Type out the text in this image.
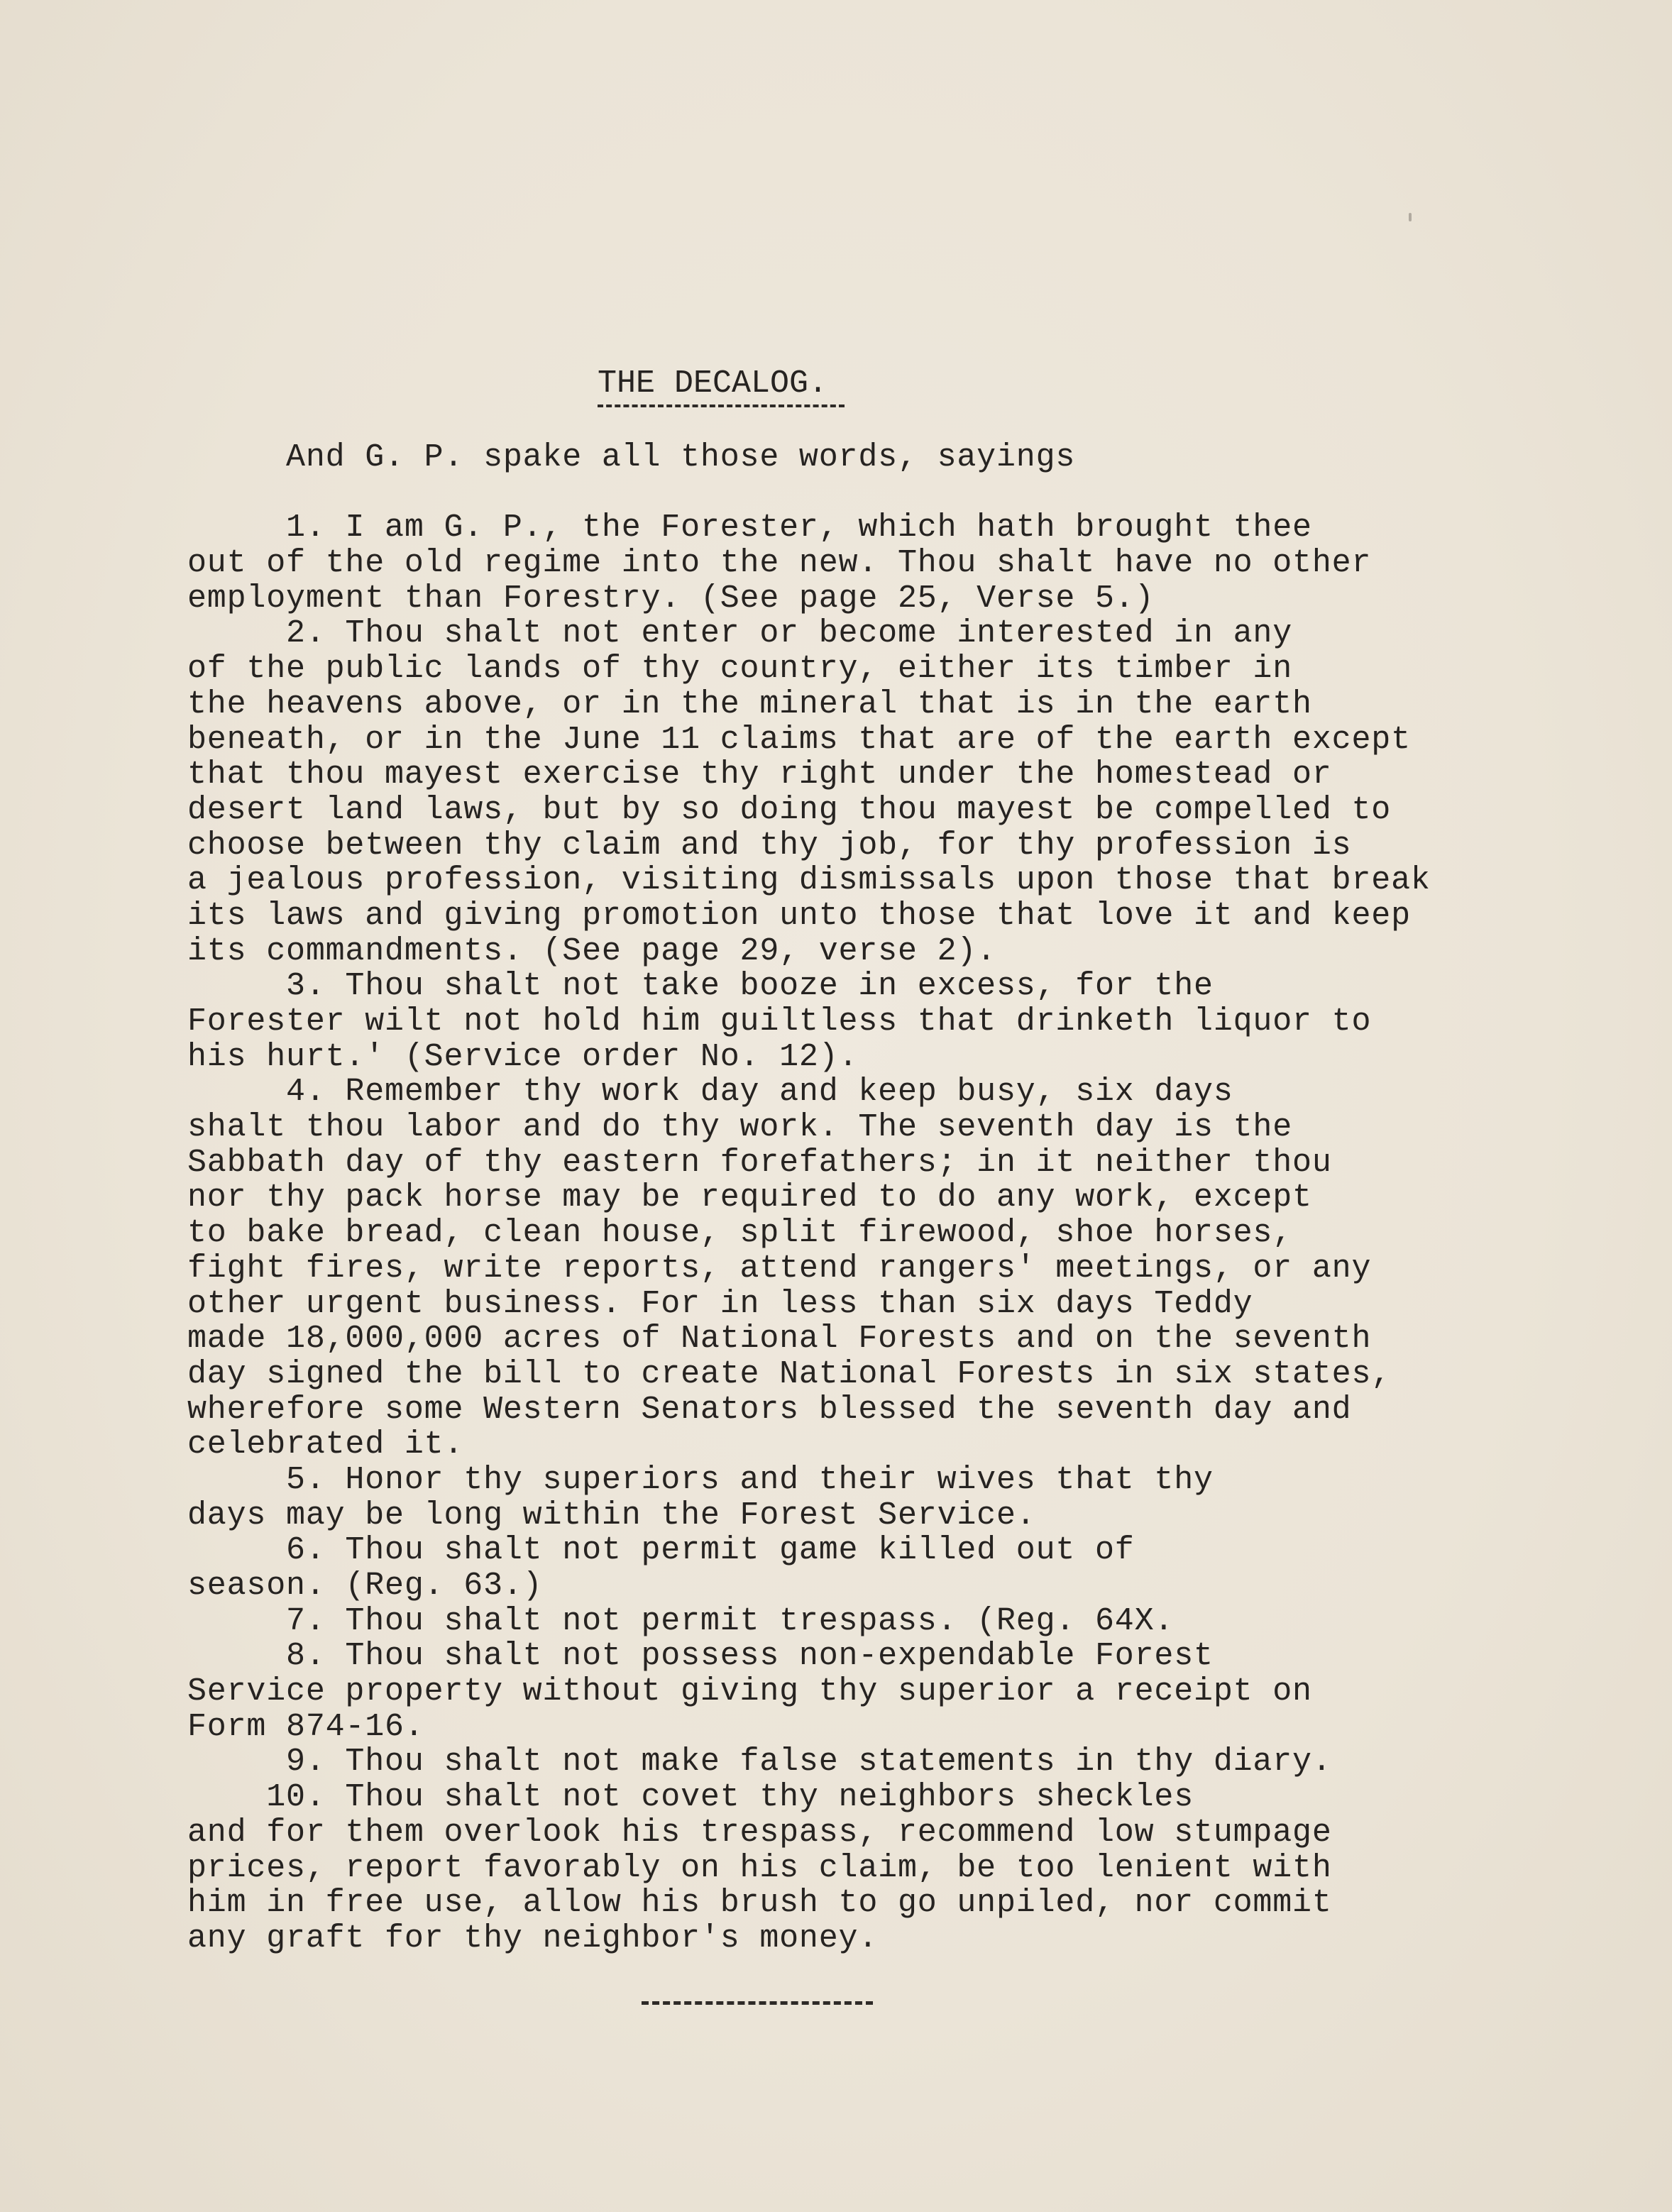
THE DECALOG.
And G. P. spake all those words, sayings
1. I am G. P., the Forester, which hath brought thee
out of the old regime into the new. Thou shalt have no other
employment than Forestry. (See page 25, Verse 5.)
2. Thou shalt not enter or become interested in any
of the public lands of thy country, either its timber in
the heavens above, or in the mineral that is in the earth
beneath, or in the June 11 claims that are of the earth except
that thou mayest exercise thy right under the homestead or
desert land laws, but by so doing thou mayest be compelled to
choose between thy claim and thy job, for thy profession is
a jealous profession, visiting dismissals upon those that break
its laws and giving promotion unto those that love it and keep
its commandments. (See page 29, verse 2).
3. Thou shalt not take booze in excess, for the
Forester wilt not hold him guiltless that drinketh liquor to
his hurt.' (Service order No. 12).
4. Remember thy work day and keep busy, six days
shalt thou labor and do thy work. The seventh day is the
Sabbath day of thy eastern forefathers; in it neither thou
nor thy pack horse may be required to do any work, except
to bake bread, clean house, split firewood, shoe horses,
fight fires, write reports, attend rangers' meetings, or any
other urgent business. For in less than six days Teddy
made 18,000,000 acres of National Forests and on the seventh
day signed the bill to create National Forests in six states,
wherefore some Western Senators blessed the seventh day and
celebrated it.
5. Honor thy superiors and their wives that thy
days may be long within the Forest Service.
6. Thou shalt not permit game killed out of
season. (Reg. 63.)
7. Thou shalt not permit trespass. (Reg. 64X.
8. Thou shalt not possess non-expendable Forest
Service property without giving thy superior a receipt on
Form 874-16.
9. Thou shalt not make false statements in thy diary.
10. Thou shalt not covet thy neighbors sheckles
and for them overlook his trespass, recommend low stumpage
prices, report favorably on his claim, be too lenient with
him in free use, allow his brush to go unpiled, nor commit
any graft for thy neighbor's money.
